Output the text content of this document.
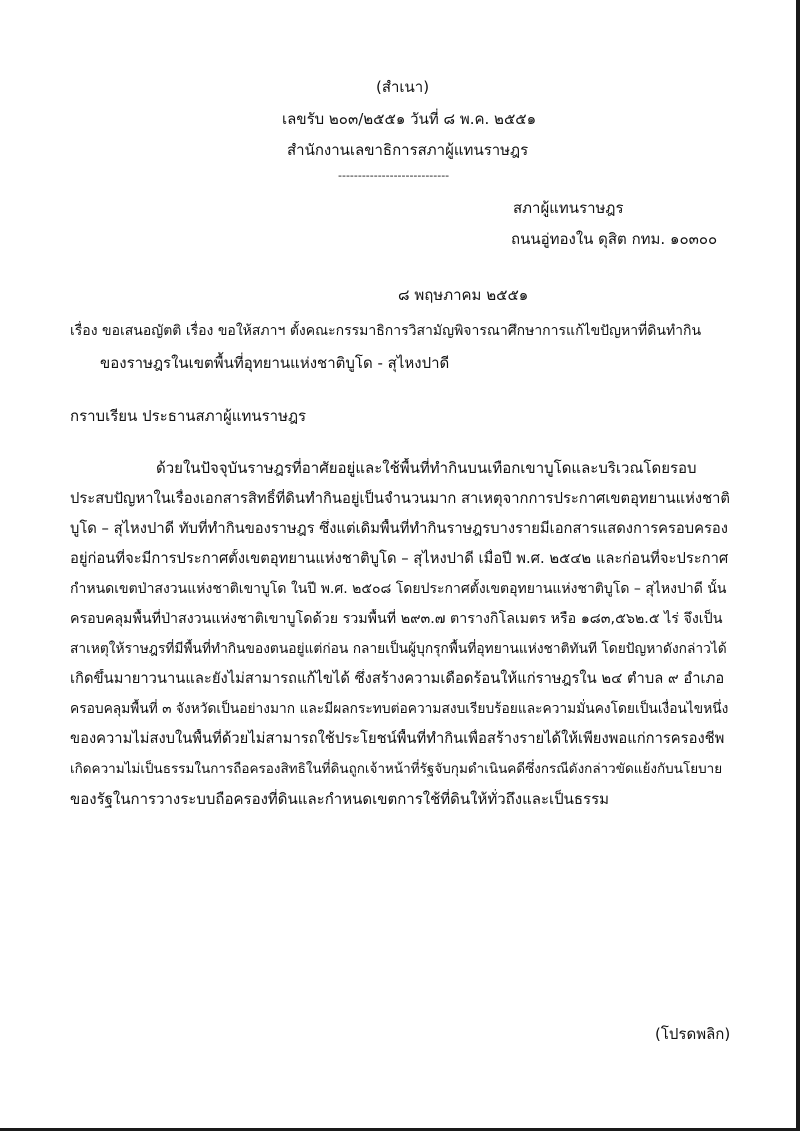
(สำเนา)
เลขรับ ๒๐๓/๒๕๕๑ วันที่ ๘ พ.ค. ๒๕๕๑
สำนักงานเลขาธิการสภาผู้แทนราษฎร
----------------------------
สภาผู้แทนราษฎร
ถนนอู่ทองใน ดุสิต กทม. ๑๐๓๐๐
๘ พฤษภาคม ๒๕๕๑
เรื่อง ขอเสนอญัตติ เรื่อง ขอให้สภาฯ ตั้งคณะกรรมาธิการวิสามัญพิจารณาศึกษาการแก้ไขปัญหาที่ดินทำกิน
ของราษฎรในเขตพื้นที่อุทยานแห่งชาติบูโด - สุไหงปาดี
กราบเรียน ประธานสภาผู้แทนราษฎร
ด้วยในปัจจุบันราษฎรที่อาศัยอยู่และใช้พื้นที่ทำกินบนเทือกเขาบูโดและบริเวณโดยรอบ
ประสบปัญหาในเรื่องเอกสารสิทธิ์ที่ดินทำกินอยู่เป็นจำนวนมาก สาเหตุจากการประกาศเขตอุทยานแห่งชาติ
บูโด – สุไหงปาดี ทับที่ทำกินของราษฎร ซึ่งแต่เดิมพื้นที่ทำกินราษฎรบางรายมีเอกสารแสดงการครอบครอง
อยู่ก่อนที่จะมีการประกาศตั้งเขตอุทยานแห่งชาติบูโด – สุไหงปาดี เมื่อปี พ.ศ. ๒๕๔๒ และก่อนที่จะประกาศ
กำหนดเขตป่าสงวนแห่งชาติเขาบูโด ในปี พ.ศ. ๒๕๐๘ โดยประกาศตั้งเขตอุทยานแห่งชาติบูโด – สุไหงปาดี นั้น
ครอบคลุมพื้นที่ป่าสงวนแห่งชาติเขาบูโดด้วย รวมพื้นที่ ๒๙๓.๗ ตารางกิโลเมตร หรือ ๑๘๓,๕๖๒.๕ ไร่ จึงเป็น
สาเหตุให้ราษฎรที่มีพื้นที่ทำกินของตนอยู่แต่ก่อน กลายเป็นผู้บุกรุกพื้นที่อุทยานแห่งชาติทันที โดยปัญหาดังกล่าวได้
เกิดขึ้นมายาวนานและยังไม่สามารถแก้ไขได้ ซึ่งสร้างความเดือดร้อนให้แก่ราษฎรใน ๒๔ ตำบล ๙ อำเภอ
ครอบคลุมพื้นที่ ๓ จังหวัดเป็นอย่างมาก และมีผลกระทบต่อความสงบเรียบร้อยและความมั่นคงโดยเป็นเงื่อนไขหนึ่ง
ของความไม่สงบในพื้นที่ด้วยไม่สามารถใช้ประโยชน์พื้นที่ทำกินเพื่อสร้างรายได้ให้เพียงพอแก่การครองชีพ
เกิดความไม่เป็นธรรมในการถือครองสิทธิในที่ดินถูกเจ้าหน้าที่รัฐจับกุมดำเนินคดีซึ่งกรณีดังกล่าวขัดแย้งกับนโยบาย
ของรัฐในการวางระบบถือครองที่ดินและกำหนดเขตการใช้ที่ดินให้ทั่วถึงและเป็นธรรม
(โปรดพลิก)
